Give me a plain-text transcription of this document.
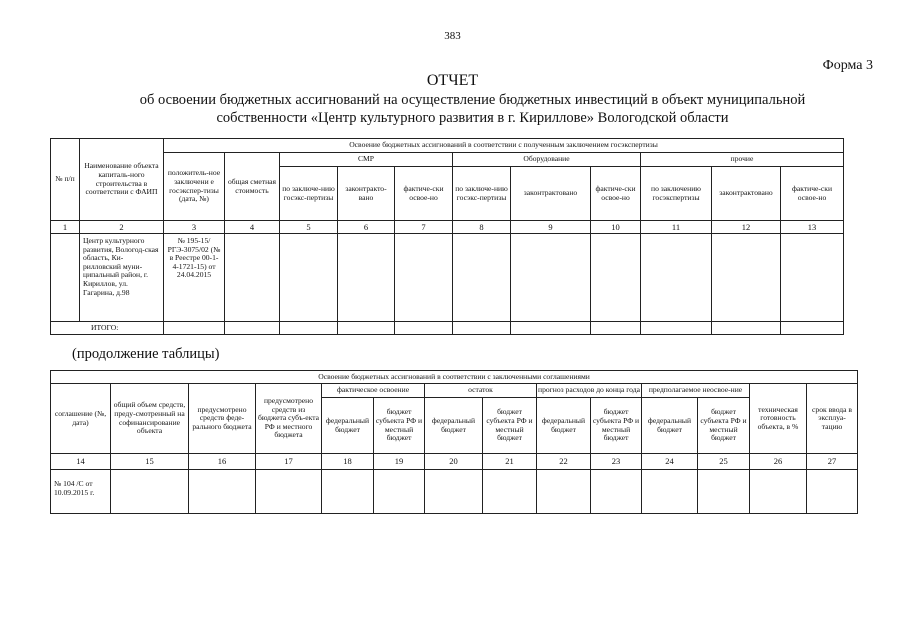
383
Форма 3
ОТЧЕТ
об освоении бюджетных ассигнований на осуществление бюджетных инвестиций в объект муниципальной собственности «Центр культурного развития в г. Кириллове» Вологодской области
№ п/п	Наименование объекта капиталь-ного строительства в соответствии с ФАИП	Освоение бюджетных ассигнований в соответствии с полученным заключением госэкспертизы										
		положитель-ное заключени е госэкспер-тизы (дата, №)	общая сметная стоимость	СМР			Оборудование			прочие		
				по заключе-нию госэкс-пертизы	законтракто-вано	фактиче-ски освое-но	по заключе-нию госэкс-пертизы	законтрактовано	фактиче-ски освое-но	по заключению госэкспертизы	законтрактовано	фактиче-ски освое-но
1	2	3	4	5	6	7	8	9	10	11	12	13
	Центр культурного развития, Вологод-ская область, Ки-рилловский муни-ципальный район, г. Кириллов, ул. Гагарина, д.98	№ 195-15/РГЭ-3075/02 (№ в Реестре 00-1-4-1721-15) от 24.04.2015										
ИТОГО:												
(продолжение таблицы)
Освоение бюджетных ассигнований в соответствии с заключенными соглашениями													
соглашение (№, дата)	общий объем средств, преду-смотренный на софинансирование объекта	предусмотрено средств феде-рального бюджета	предусмотрено средств из бюджета субъ-екта РФ и местного бюджета	фактическое освоение		остаток		прогноз расходов до конца года		предполагаемое неосвое-ние		техническая готовность объекта, в %	срок ввода в эксплуа-тацию
				федеральный бюджет	бюджет субъекта РФ и местный бюджет	федеральный бюджет	бюджет субъекта РФ и местный бюджет	федеральный бюджет	бюджет субъекта РФ и местный бюджет	федеральный бюджет	бюджет субъекта РФ и местный бюджет		
14	15	16	17	18	19	20	21	22	23	24	25	26	27
№ 104 /С от 10.09.2015 г.													
